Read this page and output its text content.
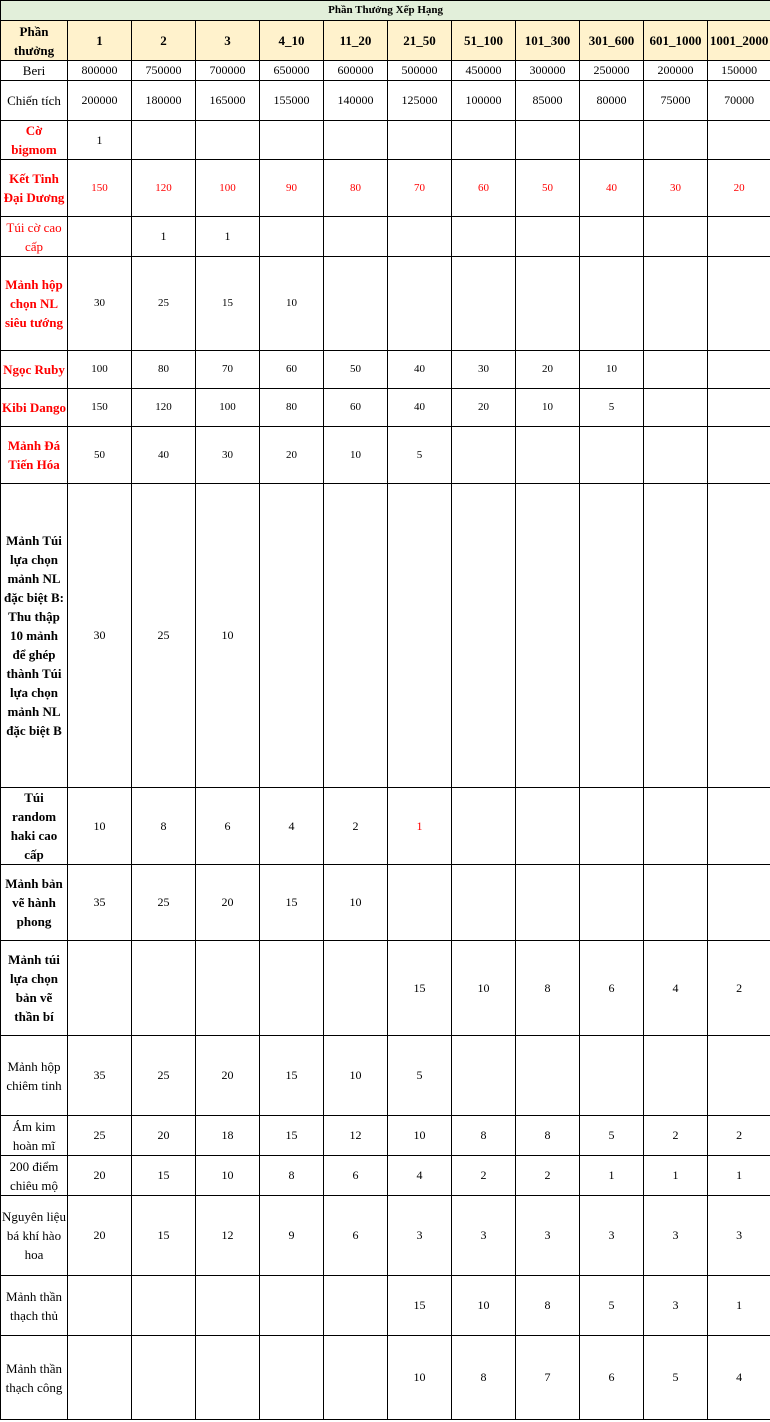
Phần Thưởng Xếp Hạng											
Phần thưởng	1	2	3	4_10	11_20	21_50	51_100	101_300	301_600	601_1000	1001_2000
Beri	800000	750000	700000	650000	600000	500000	450000	300000	250000	200000	150000
Chiến tích	200000	180000	165000	155000	140000	125000	100000	85000	80000	75000	70000
Cờ bigmom	1										
Kết Tinh Đại Dương	150	120	100	90	80	70	60	50	40	30	20
Túi cờ cao cấp		1	1								
Mảnh hộp chọn NL siêu tướng	30	25	15	10							
Ngọc Ruby	100	80	70	60	50	40	30	20	10		
Kibi Dango	150	120	100	80	60	40	20	10	5		
Mảnh Đá Tiến Hóa	50	40	30	20	10	5					
Mảnh Túi lựa chọn mảnh NL đặc biệt B: Thu thập 10 mảnh để ghép thành Túi lựa chọn mảnh NL đặc biệt B	30	25	10								
Túi random haki cao cấp	10	8	6	4	2	1					
Mảnh bản vẽ hành phong	35	25	20	15	10						
Mảnh túi lựa chọn bản vẽ thần bí						15	10	8	6	4	2
Mảnh hộp chiêm tinh	35	25	20	15	10	5					
Ám kim hoàn mĩ	25	20	18	15	12	10	8	8	5	2	2
200 điểm chiêu mộ	20	15	10	8	6	4	2	2	1	1	1
Nguyên liệu bá khí hào hoa	20	15	12	9	6	3	3	3	3	3	3
Mảnh thần thạch thủ						15	10	8	5	3	1
Mảnh thần thạch công						10	8	7	6	5	4
